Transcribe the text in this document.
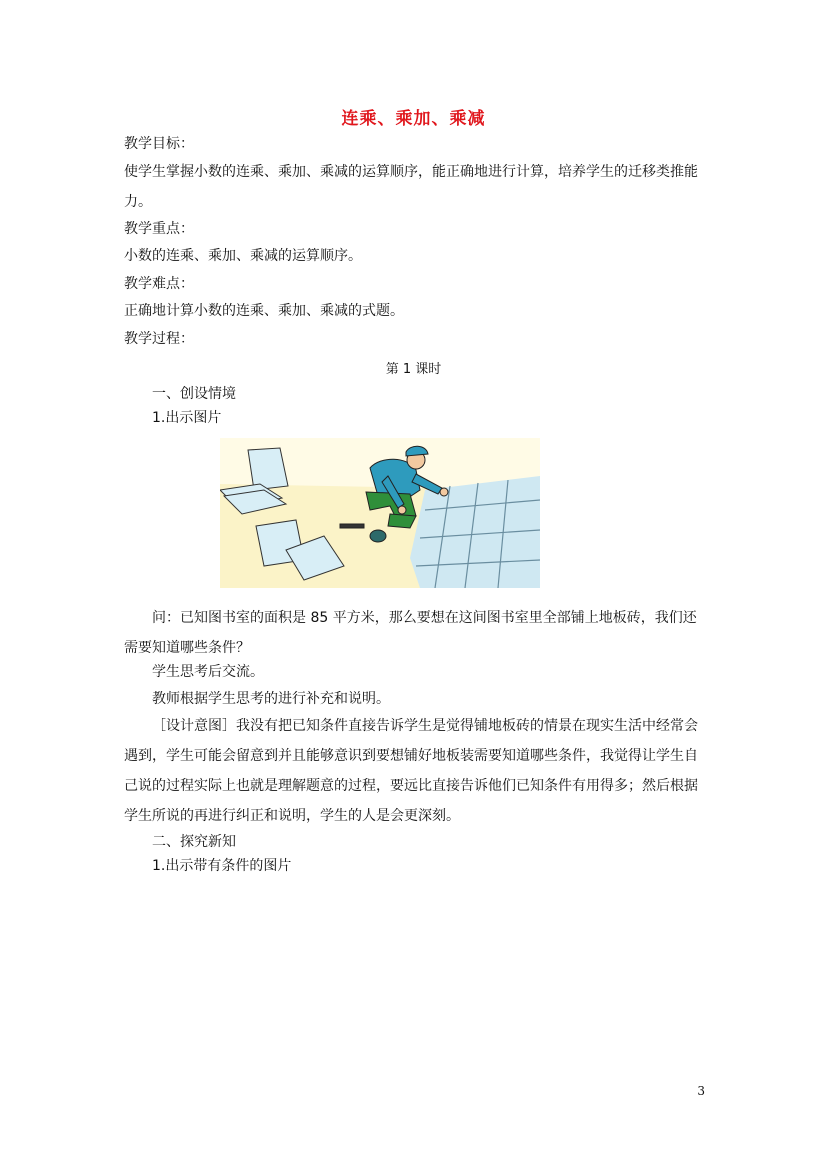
连乘、乘加、乘减
教学目标：
使学生掌握小数的连乘、乘加、乘减的运算顺序，能正确地进行计算，培养学生的迁移类推能力。
教学重点：
小数的连乘、乘加、乘减的运算顺序。
教学难点：
正确地计算小数的连乘、乘加、乘减的式题。
教学过程：
第 1 课时
一、创设情境
1.出示图片
问：已知图书室的面积是 85 平方米，那么要想在这间图书室里全部铺上地板砖，我们还需要知道哪些条件？
学生思考后交流。
教师根据学生思考的进行补充和说明。
［设计意图］我没有把已知条件直接告诉学生是觉得铺地板砖的情景在现实生活中经常会遇到，学生可能会留意到并且能够意识到要想铺好地板装需要知道哪些条件，我觉得让学生自己说的过程实际上也就是理解题意的过程，要远比直接告诉他们已知条件有用得多；然后根据学生所说的再进行纠正和说明，学生的人是会更深刻。
二、探究新知
1.出示带有条件的图片
3
